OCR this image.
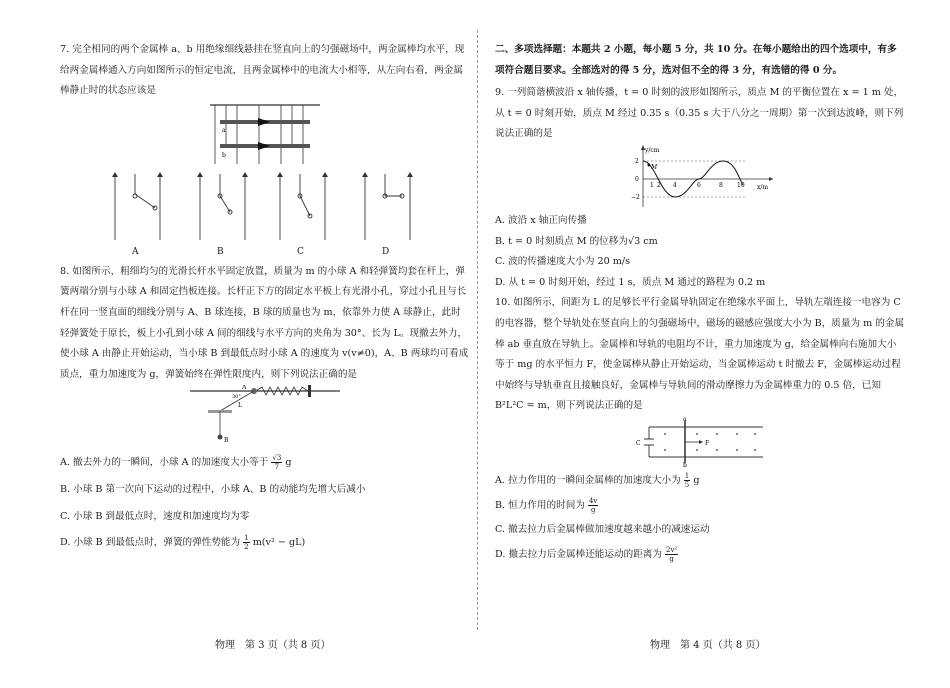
7. 完全相同的两个金属棒 a、b 用绝缘细线悬挂在竖直向上的匀强磁场中，两金属棒均水平，现给两金属棒通入方向如图所示的恒定电流，且两金属棒中的电流大小相等，从左向右看，两金属棒静止时的状态应该是

a
b
A	B	C	D

8. 如图所示，粗细均匀的光滑长杆水平固定放置，质量为 m 的小球 A 和轻弹簧均套在杆上，弹簧两端分别与小球 A 和固定挡板连接。长杆正下方的固定水平板上有光滑小孔，穿过小孔且与长杆在同一竖直面的细线分别与 A、B 球连接，B 球的质量也为 m，依靠外力使 A 球静止，此时轻弹簧处于原长，板上小孔到小球 A 间的细线与水平方向的夹角为 30°、长为 L。现撤去外力，使小球 A 由静止开始运动，当小球 B 到最低点时小球 A 的速度为 v(v≠0)，A、B 两球均可看成质点，重力加速度为 g，弹簧始终在弹性限度内，则下列说法正确的是

A
30°
L
B

A. 撤去外力的一瞬间，小球 A 的加速度大小等于 $\frac{√3}{7}$ g

B. 小球 B 第一次向下运动的过程中，小球 A、B 的动能均先增大后减小

C. 小球 B 到最低点时，速度和加速度均为零

D. 小球 B 到最低点时，弹簧的弹性势能为 $\frac{1}{2} m(v^2 - gL)$

物理　第 3 页（共 8 页）

二、多项选择题：本题共 2 小题，每小题 5 分，共 10 分。在每小题给出的四个选项中，有多项符合题目要求。全部选对的得 5 分，选对但不全的得 3 分，有选错的得 0 分。

9. 一列简谐横波沿 x 轴传播，t = 0 时刻的波形如图所示，质点 M 的平衡位置在 x = 1 m 处，从 t = 0 时刻开始，质点 M 经过 0.35 s（0.35 s 大于八分之一周期）第一次到达波峰，则下列说法正确的是

y/cm
x/m
2
0
−2
1 2 4	6	8 10
M

A. 波沿 x 轴正向传播

B. t = 0 时刻质点 M 的位移为√3 cm

C. 波的传播速度大小为 20 m/s

D. 从 t = 0 时刻开始，经过 1 s，质点 M 通过的路程为 0.2 m

10. 如图所示，间距为 L 的足够长平行金属导轨固定在绝缘水平面上，导轨左端连接一电容为 C 的电容器，整个导轨处在竖直向上的匀强磁场中，磁场的磁感应强度大小为 B，质量为 m 的金属棒 ab 垂直放在导轨上。金属棒和导轨的电阻均不计，重力加速度为 g，给金属棒向右施加大小等于 mg 的水平恒力 F，使金属棒从静止开始运动，当金属棒运动 t 时撤去 F，金属棒运动过程中始终与导轨垂直且接触良好，金属棒与导轨间的滑动摩擦力为金属棒重力的 0.5 倍，已知 B²L²C = m，则下列说法正确的是

a
b
C	F

A. 拉力作用的一瞬间金属棒的加速度大小为 $\frac{1}{5}$ g

B. 恒力作用的时间为 $\frac{4v}{g}$

C. 撤去拉力后金属棒做加速度越来越小的减速运动

D. 撤去拉力后金属棒还能运动的距离为 $\frac{\text{2v²}}{g}$

物理　第 4 页（共 8 页）
